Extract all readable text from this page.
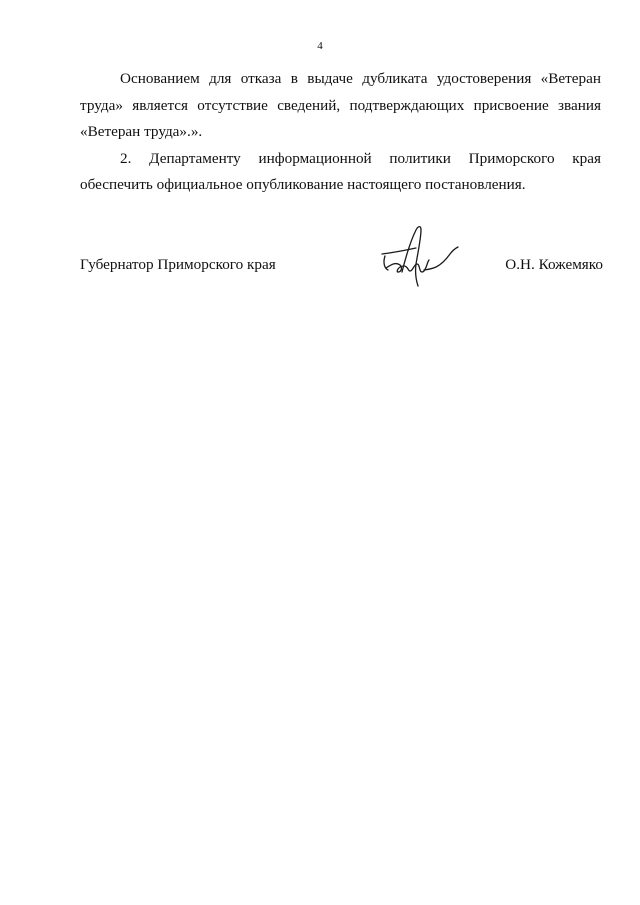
4

Основанием для отказа в выдаче дубликата удостоверения «Ветеран труда» является отсутствие сведений, подтверждающих присвоение звания «Ветеран труда».».

2. Департаменту информационной политики Приморского края обеспечить официальное опубликование настоящего постановления.

Губернатор Приморского края	О.Н. Кожемяко
